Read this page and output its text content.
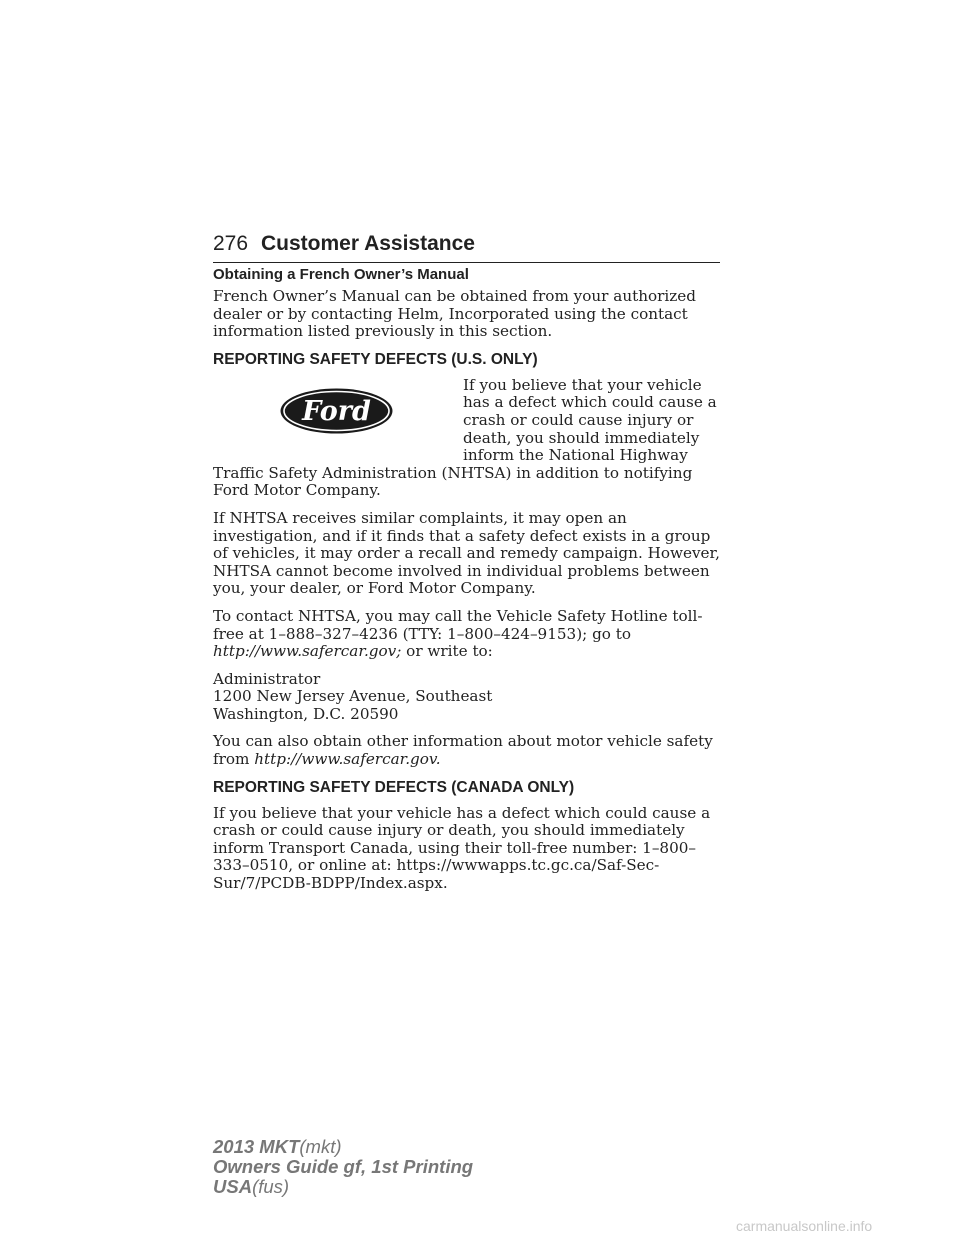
276 Customer Assistance
Obtaining a French Owner’s Manual

French Owner’s Manual can be obtained from your authorized dealer or by contacting Helm, Incorporated using the contact information listed previously in this section.

REPORTING SAFETY DEFECTS (U.S. ONLY)
Ford

If you believe that your vehicle has a defect which could cause a crash or could cause injury or death, you should immediately inform the National Highway Traffic Safety Administration (NHTSA) in addition to notifying Ford Motor Company.

If NHTSA receives similar complaints, it may open an investigation, and if it finds that a safety defect exists in a group of vehicles, it may order a recall and remedy campaign. However, NHTSA cannot become involved in individual problems between you, your dealer, or Ford Motor Company.

To contact NHTSA, you may call the Vehicle Safety Hotline toll-free at 1–888–327–4236 (TTY: 1–800–424–9153); go to http://www.safercar.gov; or write to:

Administrator
1200 New Jersey Avenue, Southeast
Washington, D.C. 20590

You can also obtain other information about motor vehicle safety from http://www.safercar.gov.

REPORTING SAFETY DEFECTS (CANADA ONLY)

If you believe that your vehicle has a defect which could cause a crash or could cause injury or death, you should immediately inform Transport Canada, using their toll-free number: 1–800–333–0510, or online at: https://wwwapps.tc.gc.ca/Saf-Sec-Sur/7/PCDB-BDPP/Index.aspx.

2013 MKT(mkt)
Owners Guide gf, 1st Printing
USA(fus)
carmanualsonline.info
